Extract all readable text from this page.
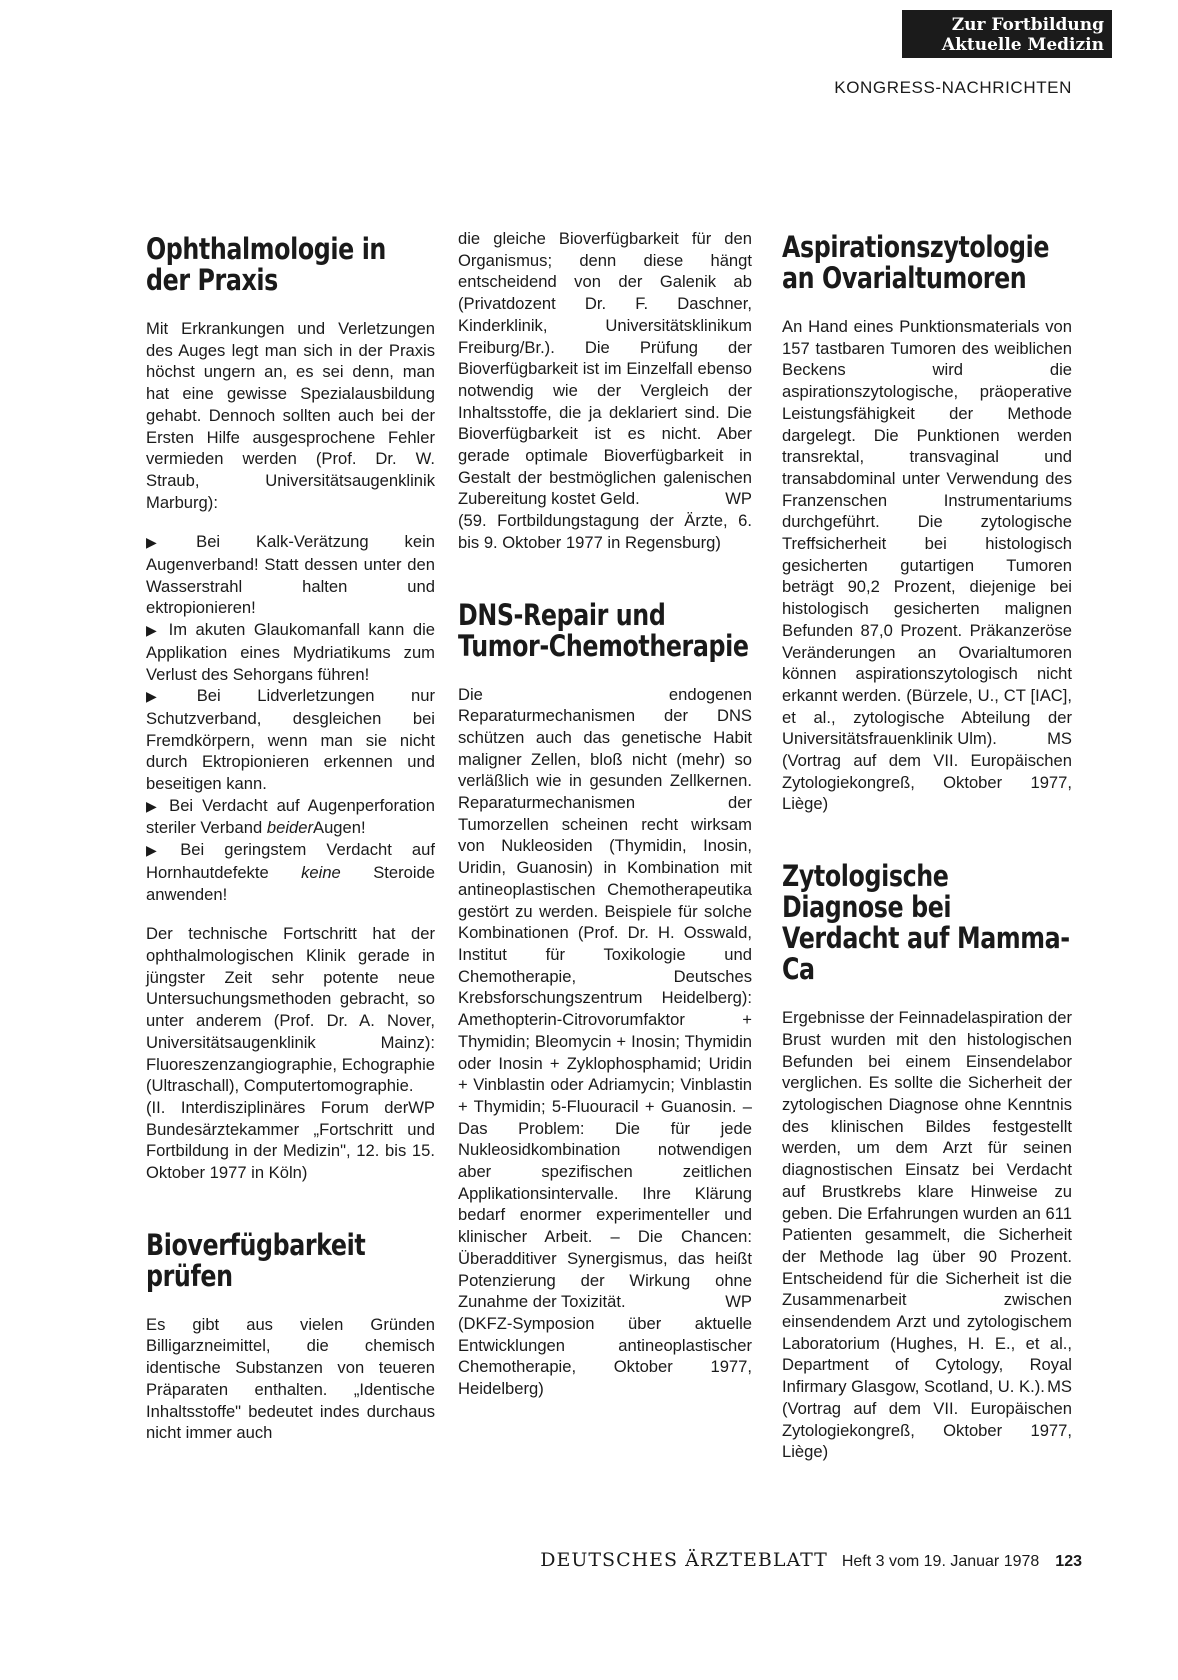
Zur Fortbildung
Aktuelle Medizin
KONGRESS-NACHRICHTEN
Ophthalmologie in der Praxis

Mit Erkrankungen und Verletzungen des Auges legt man sich in der Praxis höchst ungern an, es sei denn, man hat eine gewisse Spezialausbildung gehabt. Dennoch sollten auch bei der Ersten Hilfe ausgesprochene Fehler vermieden werden (Prof. Dr. W. Straub, Universitätsaugenklinik Marburg):

▶ Bei Kalk-Verätzung kein Augenverband! Statt dessen unter den Wasserstrahl halten und ektropionieren!

▶ Im akuten Glaukomanfall kann die Applikation eines Mydriatikums zum Verlust des Sehorgans führen!

▶ Bei Lidverletzungen nur Schutzverband, desgleichen bei Fremdkörpern, wenn man sie nicht durch Ektropionieren erkennen und beseitigen kann.

▶ Bei Verdacht auf Augenperforation steriler Verband beiderAugen!

▶ Bei geringstem Verdacht auf Hornhautdefekte keine Steroide anwenden!

Der technische Fortschritt hat der ophthalmologischen Klinik gerade in jüngster Zeit sehr potente neue Untersuchungsmethoden gebracht, so unter anderem (Prof. Dr. A. Nover, Universitätsaugenklinik Mainz): Fluoreszenzangiographie, Echographie (Ultraschall), Computertomographie.
WP

(II. Interdisziplinäres Forum der Bundesärztekammer „Fortschritt und Fortbildung in der Medizin", 12. bis 15. Oktober 1977 in Köln)

Bioverfügbarkeit prüfen

Es gibt aus vielen Gründen Billigarzneimittel, die chemisch identische Substanzen von teueren Präparaten enthalten. „Identische Inhaltsstoffe" bedeutet indes durchaus nicht immer auch

die gleiche Bioverfügbarkeit für den Organismus; denn diese hängt entscheidend von der Galenik ab (Privatdozent Dr. F. Daschner, Kinderklinik, Universitätsklinikum Freiburg/Br.). Die Prüfung der Bioverfügbarkeit ist im Einzelfall ebenso notwendig wie der Vergleich der Inhaltsstoffe, die ja deklariert sind. Die Bioverfügbarkeit ist es nicht. Aber gerade optimale Bioverfügbarkeit in Gestalt der bestmöglichen galenischen Zubereitung kostet Geld.	WP

(59. Fortbildungstagung der Ärzte, 6. bis 9. Oktober 1977 in Regensburg)

DNS-Repair und Tumor-Chemotherapie

Die endogenen Reparaturmechanismen der DNS schützen auch das genetische Habit maligner Zellen, bloß nicht (mehr) so verläßlich wie in gesunden Zellkernen. Reparaturmechanismen der Tumorzellen scheinen recht wirksam von Nukleosiden (Thymidin, Inosin, Uridin, Guanosin) in Kombination mit antineoplastischen Chemotherapeutika gestört zu werden. Beispiele für solche Kombinationen (Prof. Dr. H. Osswald, Institut für Toxikologie und Chemotherapie, Deutsches Krebsforschungszentrum Heidelberg): Amethopterin-Citrovorumfaktor + Thymidin; Bleomycin + Inosin; Thymidin oder Inosin + Zyklophosphamid; Uridin + Vinblastin oder Adriamycin; Vinblastin + Thymidin; 5-Fluouracil + Guanosin. – Das Problem: Die für jede Nukleosidkombination notwendigen aber spezifischen zeitlichen Applikationsintervalle. Ihre Klärung bedarf enormer experimenteller und klinischer Arbeit. – Die Chancen: Überadditiver Synergismus, das heißt Potenzierung der Wirkung ohne Zunahme der Toxizität.	WP

(DKFZ-Symposion über aktuelle Entwicklungen antineoplastischer Chemotherapie, Oktober 1977, Heidelberg)

Aspirationszytologie an Ovarialtumoren

An Hand eines Punktionsmaterials von 157 tastbaren Tumoren des weiblichen Beckens wird die aspirationszytologische, präoperative Leistungsfähigkeit der Methode dargelegt. Die Punktionen werden transrektal, transvaginal und transabdominal unter Verwendung des Franzenschen Instrumentariums durchgeführt. Die zytologische Treffsicherheit bei histologisch gesicherten gutartigen Tumoren beträgt 90,2 Prozent, diejenige bei histologisch gesicherten malignen Befunden 87,0 Prozent. Präkanzeröse Veränderungen an Ovarialtumoren können aspirationszytologisch nicht erkannt werden. (Bürzele, U., CT [IAC], et al., zytologische Abteilung der Universitätsfrauenklinik Ulm).	MS

(Vortrag auf dem VII. Europäischen Zytologiekongreß, Oktober 1977, Liège)

Zytologische Diagnose bei Verdacht auf Mamma-Ca

Ergebnisse der Feinnadelaspiration der Brust wurden mit den histologischen Befunden bei einem Einsendelabor verglichen. Es sollte die Sicherheit der zytologischen Diagnose ohne Kenntnis des klinischen Bildes festgestellt werden, um dem Arzt für seinen diagnostischen Einsatz bei Verdacht auf Brustkrebs klare Hinweise zu geben. Die Erfahrungen wurden an 611 Patienten gesammelt, die Sicherheit der Methode lag über 90 Prozent. Entscheidend für die Sicherheit ist die Zusammenarbeit zwischen einsendendem Arzt und zytologischem Laboratorium (Hughes, H. E., et al., Department of Cytology, Royal Infirmary Glasgow, Scotland, U. K.). MS

(Vortrag auf dem VII. Europäischen Zytologiekongreß, Oktober 1977, Liège)

DEUTSCHES ÄRZTEBLATT Heft 3 vom 19. Januar 1978 123
